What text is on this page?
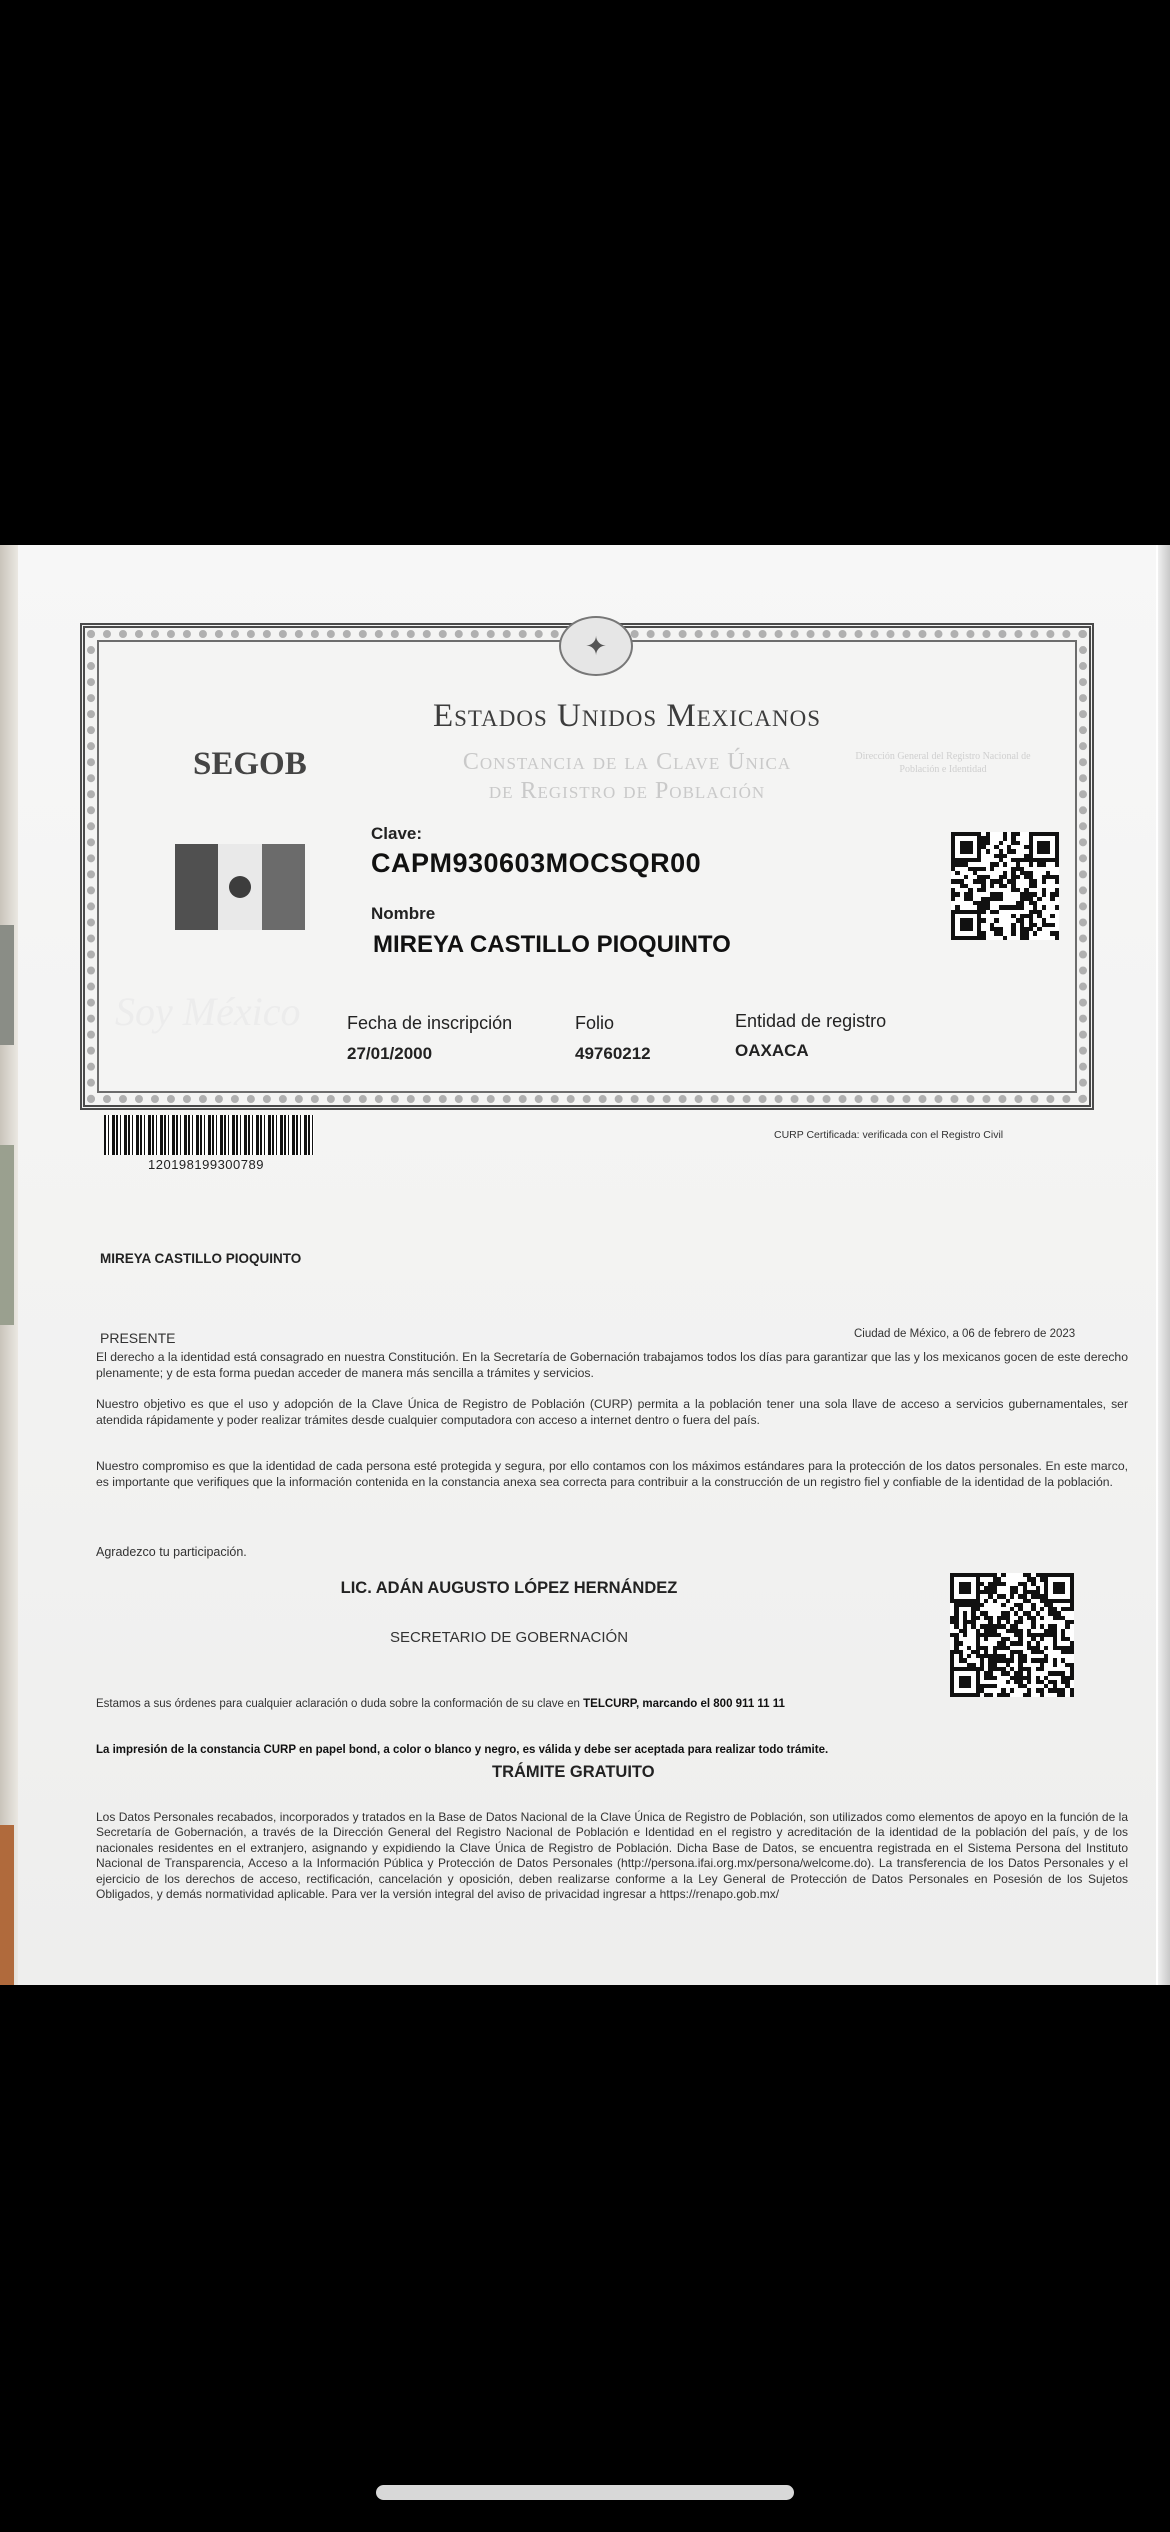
✦
SEGOB
Estados Unidos Mexicanos
Constancia de la Clave Única
de Registro de Población
Dirección General del Registro Nacional de Población e Identidad
Soy México
Clave:
CAPM930603MOCSQR00
Nombre
MIREYA CASTILLO PIOQUINTO
Fecha de inscripción
27/01/2000
Folio
49760212
Entidad de registro
OAXACA
120198199300789
CURP Certificada: verificada con el Registro Civil
MIREYA CASTILLO PIOQUINTO
PRESENTE	Ciudad de México, a 06 de febrero de 2023
El derecho a la identidad está consagrado en nuestra Constitución. En la Secretaría de Gobernación trabajamos todos los días para garantizar que las y los mexicanos gocen de este derecho plenamente; y de esta forma puedan acceder de manera más sencilla a trámites y servicios.
Nuestro objetivo es que el uso y adopción de la Clave Única de Registro de Población (CURP) permita a la población tener una sola llave de acceso a servicios gubernamentales, ser atendida rápidamente y poder realizar trámites desde cualquier computadora con acceso a internet dentro o fuera del país.
Nuestro compromiso es que la identidad de cada persona esté protegida y segura, por ello contamos con los máximos estándares para la protección de los datos personales. En este marco, es importante que verifiques que la información contenida en la constancia anexa sea correcta para contribuir a la construcción de un registro fiel y confiable de la identidad de la población.
Agradezco tu participación.
LIC. ADÁN AUGUSTO LÓPEZ HERNÁNDEZ
SECRETARIO DE GOBERNACIÓN
Estamos a sus órdenes para cualquier aclaración o duda sobre la conformación de su clave en TELCURP, marcando el 800 911 11 11
La impresión de la constancia CURP en papel bond, a color o blanco y negro, es válida y debe ser aceptada para realizar todo trámite.
TRÁMITE GRATUITO
Los Datos Personales recabados, incorporados y tratados en la Base de Datos Nacional de la Clave Única de Registro de Población, son utilizados como elementos de apoyo en la función de la Secretaría de Gobernación, a través de la Dirección General del Registro Nacional de Población e Identidad en el registro y acreditación de la identidad de la población del país, y de los nacionales residentes en el extranjero, asignando y expidiendo la Clave Única de Registro de Población. Dicha Base de Datos, se encuentra registrada en el Sistema Persona del Instituto Nacional de Transparencia, Acceso a la Información Pública y Protección de Datos Personales (http://persona.ifai.org.mx/persona/welcome.do). La transferencia de los Datos Personales y el ejercicio de los derechos de acceso, rectificación, cancelación y oposición, deben realizarse conforme a la Ley General de Protección de Datos Personales en Posesión de los Sujetos Obligados, y demás normatividad aplicable. Para ver la versión integral del aviso de privacidad ingresar a https://renapo.gob.mx/
